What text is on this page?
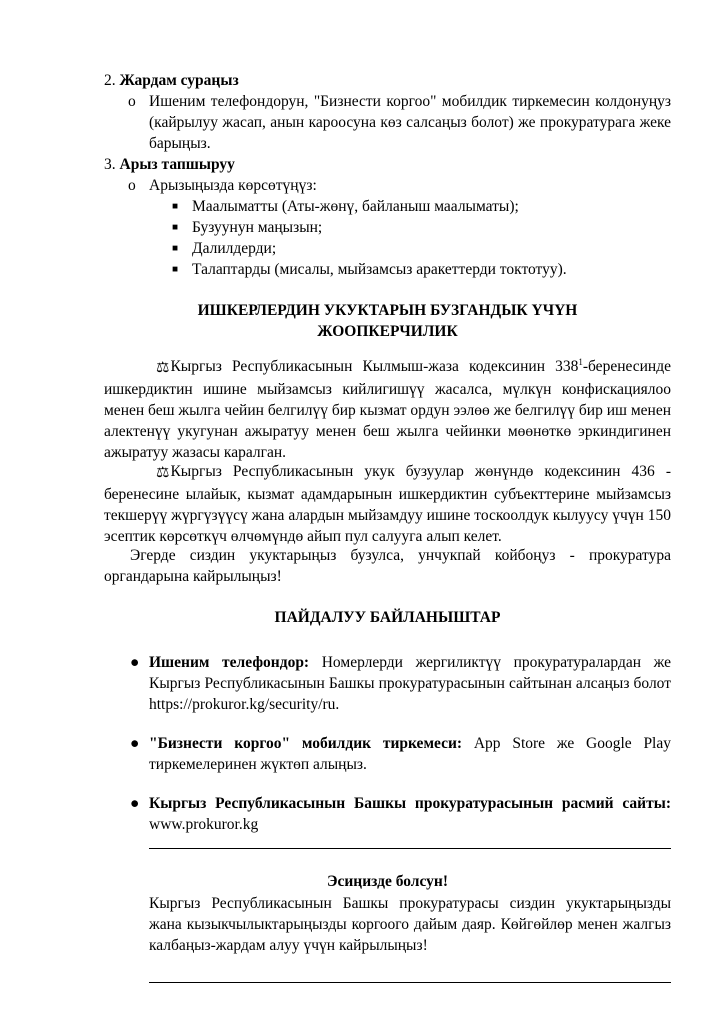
2. Жардам сураңыз
o Ишеним телефондорун, "Бизнести коргоо" мобилдик тиркемесин колдонуңуз (кайрылуу жасап, анын кароосуна көз салсаңыз болот) же прокуратурага жеке барыңыз.
3. Арыз тапшыруу
o Арызыңызда көрсөтүңүз:
■ Маалыматты (Аты-жөнү, байланыш маалыматы);
■ Бузуунун маңызын;
■ Далилдерди;
■ Талаптарды (мисалы, мыйзамсыз аракеттерди токтотуу).
ИШКЕРЛЕРДИН УКУКТАРЫН БУЗГАНДЫК ҮЧҮН
ЖООПКЕРЧИЛИК
⚖Кыргыз Республикасынын Кылмыш-жаза кодексинин $338^1$-беренесинде ишкердиктин ишине мыйзамсыз кийлигишүү жасалса, мүлкүн конфискациялоо менен беш жылга чейин белгилүү бир кызмат ордун ээлөө же белгилүү бир иш менен алектенүү укугунан ажыратуу менен беш жылга чейинки мөөнөткө эркиндигинен ажыратуу жазасы каралган.
⚖Кыргыз Республикасынын укук бузуулар жөнүндө кодексинин 436 - беренесине ылайык, кызмат адамдарынын ишкердиктин субъекттерине мыйзамсыз текшерүү жүргүзүүсү жана алардын мыйзамдуу ишине тоскоолдук кылуусу үчүн 150 эсептик көрсөткүч өлчөмүндө айып пул салууга алып келет.
Эгерде сиздин укуктарыңыз бузулса, унчукпай койбоңуз - прокуратура органдарына кайрылыңыз!
ПАЙДАЛУУ БАЙЛАНЫШТАР
● Ишеним телефондор: Номерлерди жергиликтүү прокуратуралардан же Кыргыз Республикасынын Башкы прокуратурасынын сайтынан алсаңыз болот https://prokuror.kg/security/ru.
● "Бизнести коргоо" мобилдик тиркемеси: App Store же Google Play тиркемелеринен жүктөп алыңыз.
● Кыргыз Республикасынын Башкы прокуратурасынын расмий сайты: www.prokuror.kg
Эсиңизде болсун!
Кыргыз Республикасынын Башкы прокуратурасы сиздин укуктарыңызды жана кызыкчылыктарыңызды коргоого дайым даяр. Көйгөйлөр менен жалгыз калбаңыз-жардам алуу үчүн кайрылыңыз!
